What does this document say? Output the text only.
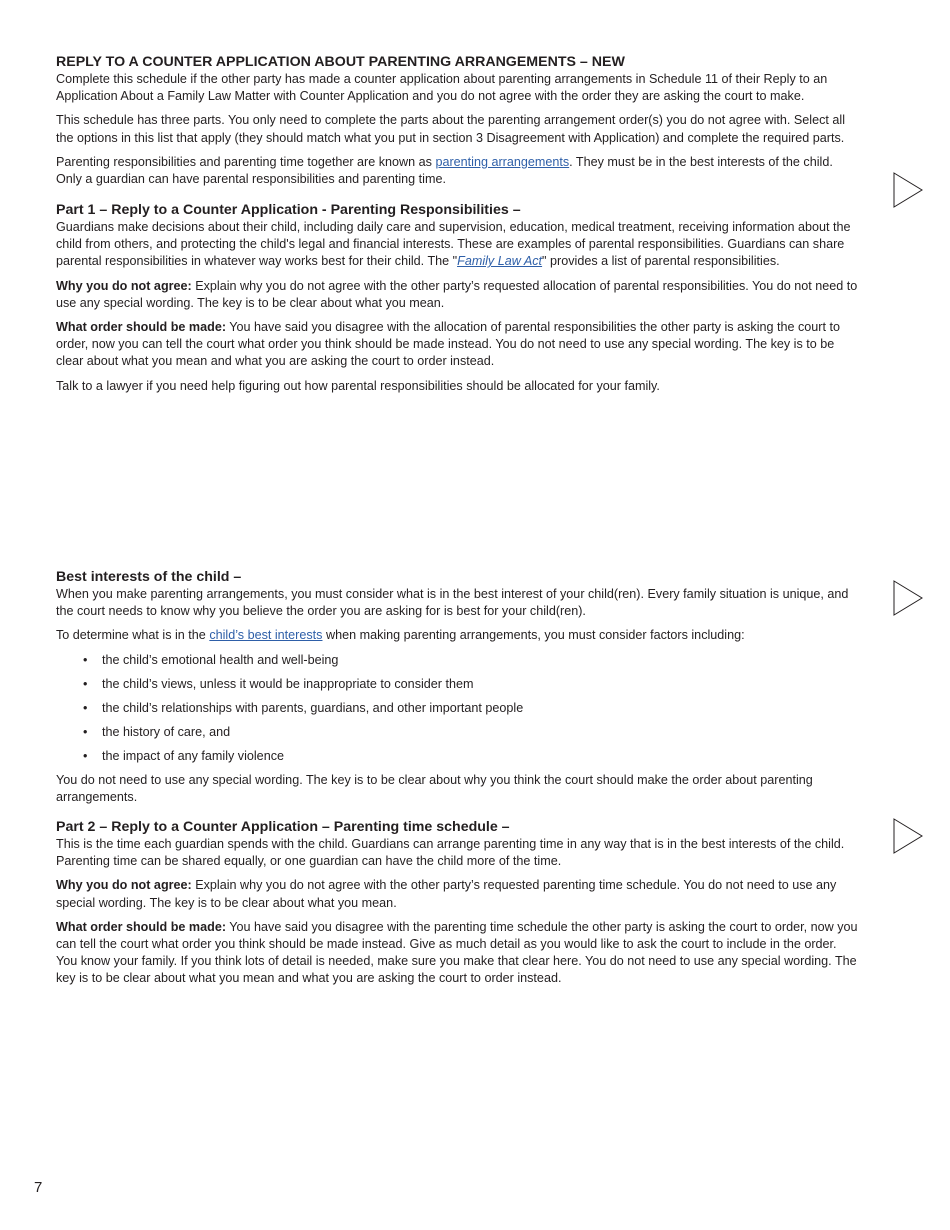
REPLY TO A COUNTER APPLICATION ABOUT PARENTING ARRANGEMENTS – NEW

Complete this schedule if the other party has made a counter application about parenting arrangements in Schedule 11 of their Reply to an Application About a Family Law Matter with Counter Application and you do not agree with the order they are asking the court to make.

This schedule has three parts. You only need to complete the parts about the parenting arrangement order(s) you do not agree with. Select all the options in this list that apply (they should match what you put in section 3 Disagreement with Application) and complete the required parts.

Parenting responsibilities and parenting time together are known as parenting arrangements. They must be in the best interests of the child. Only a guardian can have parental responsibilities and parenting time.

Part 1 – Reply to a Counter Application - Parenting Responsibilities –

Guardians make decisions about their child, including daily care and supervision, education, medical treatment, receiving information about the child from others, and protecting the child's legal and financial interests. These are examples of parental responsibilities. Guardians can share parental responsibilities in whatever way works best for their child. The "Family Law Act" provides a list of parental responsibilities.

Why you do not agree: Explain why you do not agree with the other party’s requested allocation of parental responsibilities. You do not need to use any special wording. The key is to be clear about what you mean.

What order should be made: You have said you disagree with the allocation of parental responsibilities the other party is asking the court to order, now you can tell the court what order you think should be made instead. You do not need to use any special wording. The key is to be clear about what you mean and what you are asking the court to order instead.

Talk to a lawyer if you need help figuring out how parental responsibilities should be allocated for your family.

Best interests of the child –

When you make parenting arrangements, you must consider what is in the best interest of your child(ren). Every family situation is unique, and the court needs to know why you believe the order you are asking for is best for your child(ren).

To determine what is in the child’s best interests when making parenting arrangements, you must consider factors including:

• the child’s emotional health and well-being
• the child’s views, unless it would be inappropriate to consider them
• the child’s relationships with parents, guardians, and other important people
• the history of care, and
• the impact of any family violence

You do not need to use any special wording. The key is to be clear about why you think the court should make the order about parenting arrangements.

Part 2 – Reply to a Counter Application – Parenting time schedule –

This is the time each guardian spends with the child. Guardians can arrange parenting time in any way that is in the best interests of the child. Parenting time can be shared equally, or one guardian can have the child more of the time.

Why you do not agree: Explain why you do not agree with the other party’s requested parenting time schedule. You do not need to use any special wording. The key is to be clear about what you mean.

What order should be made: You have said you disagree with the parenting time schedule the other party is asking the court to order, now you can tell the court what order you think should be made instead. Give as much detail as you would like to ask the court to include in the order. You know your family. If you think lots of detail is needed, make sure you make that clear here. You do not need to use any special wording. The key is to be clear about what you mean and what you are asking the court to order instead.

7
